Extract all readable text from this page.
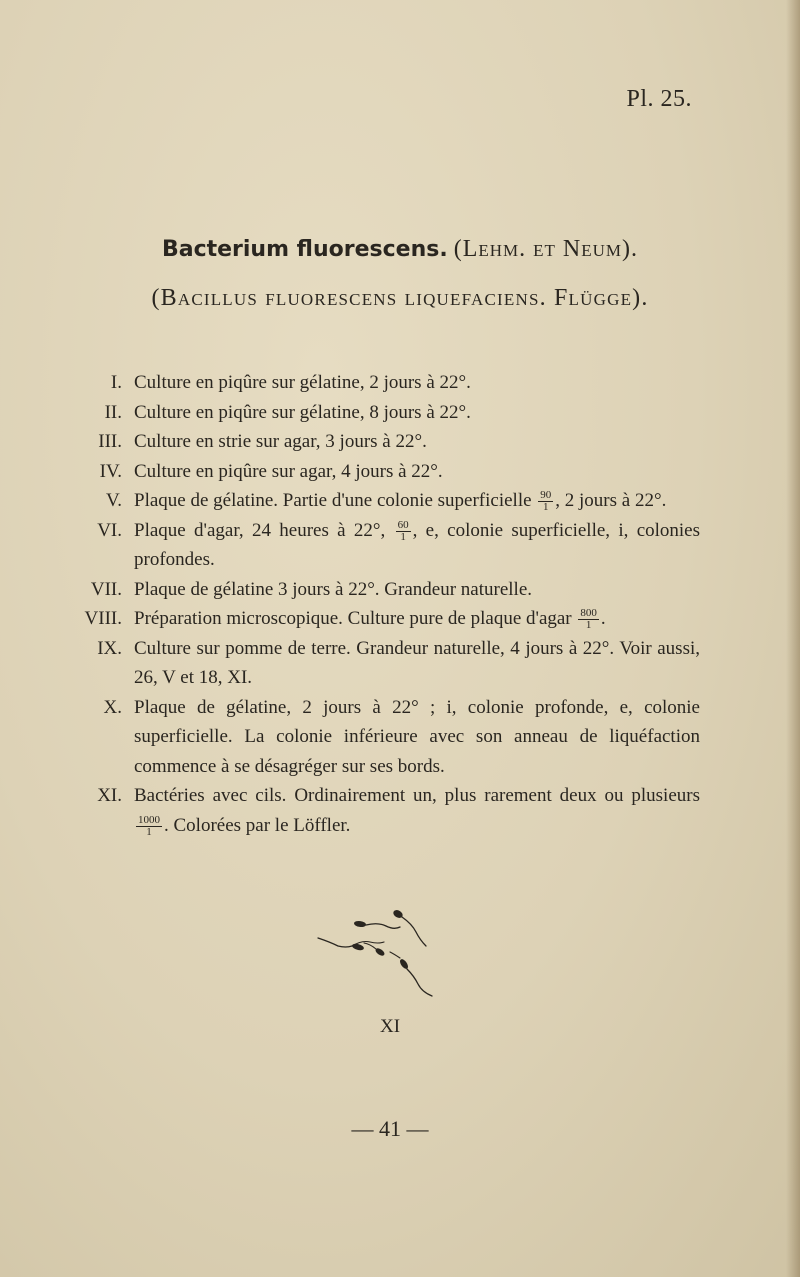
Pl. 25.
Bacterium fluorescens. (Lehm. et Neum).
(Bacillus fluorescens liquefaciens. Flügge).
I. Culture en piqûre sur gélatine, 2 jours à 22°.
II. Culture en piqûre sur gélatine, 8 jours à 22°.
III. Culture en strie sur agar, 3 jours à 22°.
IV. Culture en piqûre sur agar, 4 jours à 22°.
V. Plaque de gélatine. Partie d'une colonie superficielle $\frac{90}{1}$ , 2 jours à 22°.
VI. Plaque d'agar, 24 heures à 22°, $\frac{60}{1}$ , e, colonie superficielle, i, colonies profondes.
VII. Plaque de gélatine 3 jours à 22°. Grandeur naturelle.
VIII. Préparation microscopique. Culture pure de plaque d'agar $\frac{800}{1}$ .
IX. Culture sur pomme de terre. Grandeur naturelle, 4 jours à 22°. Voir aussi, 26, V et 18, XI.
X. Plaque de gélatine, 2 jours à 22° ; i, colonie profonde, e, colonie superficielle. La colonie inférieure avec son anneau de liquéfaction commence à se désagréger sur ses bords.
XI. Bactéries avec cils. Ordinairement un, plus rarement deux ou plusieurs
$\frac{1000}{1}$ . Colorées par le Löffler.
XI
— 41 —
